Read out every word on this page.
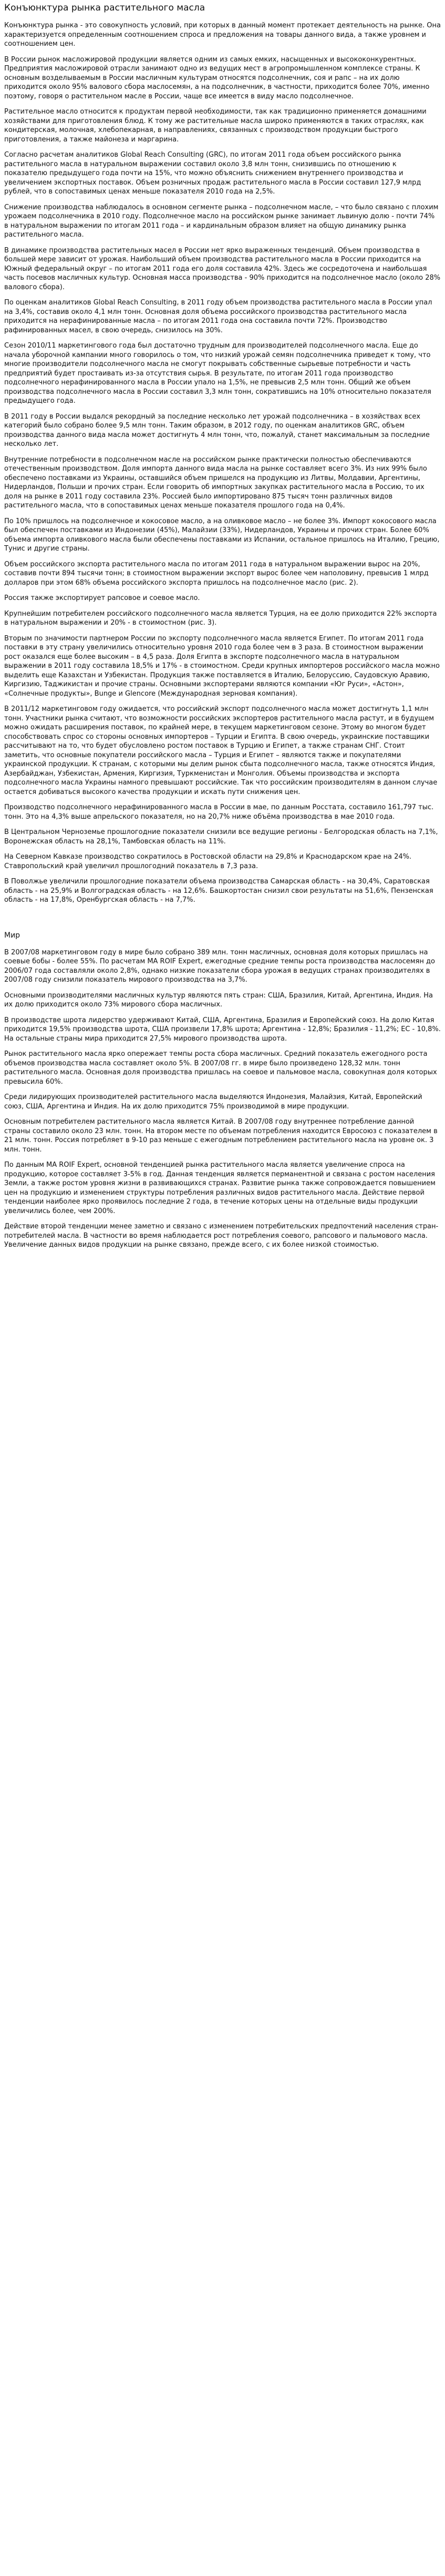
Конъюнктура рынка растительного масла

Конъюнктура рынка - это совокупность условий, при которых в данный момент протекает деятельность на рынке. Она характеризуется определенным соотношением спроса и предложения на товары данного вида, а также уровнем и соотношением цен.

В России рынок масложировой продукции является одним из самых емких, насыщенных и высококонкурентных. Предприятия масложировой отрасли занимают одно из ведущих мест в агропромышленном комплексе страны. К основным возделываемым в России масличным культурам относятся подсолнечник, соя и рапс – на их долю приходится около 95% валового сбора маслосемян, а на подсолнечник, в частности, приходится более 70%, именно поэтому, говоря о растительном масле в России, чаще все имеется в виду масло подсолнечное.

Растительное масло относится к продуктам первой необходимости, так как традиционно применяется домашними хозяйствами для приготовления блюд. К тому же растительные масла широко применяются в таких отраслях, как кондитерская, молочная, хлебопекарная, в направлениях, связанных с производством продукции быстрого приготовления, а также майонеза и маргарина.

Согласно расчетам аналитиков Global Reach Consulting (GRC), по итогам 2011 года объем российского рынка растительного масла в натуральном выражении составил около 3,8 млн тонн, снизившись по отношению к показателю предыдущего года почти на 15%, что можно объяснить снижением внутреннего производства и увеличением экспортных поставок. Объем розничных продаж растительного масла в России составил 127,9 млрд рублей, что в сопоставимых ценах меньше показателя 2010 года на 2,5%.

Снижение производства наблюдалось в основном сегменте рынка – подсолнечном масле, – что было связано с плохим урожаем подсолнечника в 2010 году. Подсолнечное масло на российском рынке занимает львиную долю - почти 74% в натуральном выражении по итогам 2011 года – и кардинальным образом влияет на общую динамику рынка растительного масла.

В динамике производства растительных масел в России нет ярко выраженных тенденций. Объем производства в большей мере зависит от урожая. Наибольший объем производства растительного масла в России приходится на Южный федеральный округ – по итогам 2011 года его доля составила 42%. Здесь же сосредоточена и наибольшая часть посевов масличных культур. Основная масса производства - 90% приходится на подсолнечное масло (около 28% валового сбора).

По оценкам аналитиков Global Reach Consulting, в 2011 году объем производства растительного масла в России упал на 3,4%, составив около 4,1 млн тонн. Основная доля объема российского производства растительного масла приходится на нерафинированные масла – по итогам 2011 года она составила почти 72%. Производство рафинированных масел, в свою очередь, снизилось на 30%.

Сезон 2010/11 маркетингового года был достаточно трудным для производителей подсолнечного масла. Еще до начала уборочной кампании много говорилось о том, что низкий урожай семян подсолнечника приведет к тому, что многие производители подсолнечного масла не смогут покрывать собственные сырьевые потребности и часть предприятий будет простаивать из-за отсутствия сырья. В результате, по итогам 2011 года производство подсолнечного нерафинированного масла в России упало на 1,5%, не превысив 2,5 млн тонн. Общий же объем производства подсолнечного масла в России составил 3,3 млн тонн, сократившись на 10% относительно показателя предыдущего года.

В 2011 году в России выдался рекордный за последние несколько лет урожай подсолнечника – в хозяйствах всех категорий было собрано более 9,5 млн тонн. Таким образом, в 2012 году, по оценкам аналитиков GRC, объем производства данного вида масла может достигнуть 4 млн тонн, что, пожалуй, станет максимальным за последние несколько лет.

Внутренние потребности в подсолнечном масле на российском рынке практически полностью обеспечиваются отечественным производством. Доля импорта данного вида масла на рынке составляет всего 3%. Из них 99% было обеспечено поставками из Украины, оставшийся объем пришелся на продукцию из Литвы, Молдавии, Аргентины, Нидерландов, Польши и прочих стран. Если говорить об импортных закупках растительного масла в Россию, то их доля на рынке в 2011 году составила 23%. Россией было импортировано 875 тысяч тонн различных видов растительного масла, что в сопоставимых ценах меньше показателя прошлого года на 0,4%.

По 10% пришлось на подсолнечное и кокосовое масло, а на оливковое масло – не более 3%. Импорт кокосового масла был обеспечен поставками из Индонезии (45%), Малайзии (33%), Нидерландов, Украины и прочих стран. Более 60% объема импорта оливкового масла были обеспечены поставками из Испании, остальное пришлось на Италию, Грецию, Тунис и другие страны.

Объем российского экспорта растительного масла по итогам 2011 года в натуральном выражении вырос на 20%, составив почти 894 тысячи тонн; в стоимостном выражении экспорт вырос более чем наполовину, превысив 1 млрд долларов при этом 68% объема российского экспорта пришлось на подсолнечное масло (рис. 2).

Россия также экспортирует рапсовое и соевое масло.

Крупнейшим потребителем российского подсолнечного масла является Турция, на ее долю приходится 22% экспорта в натуральном выражении и 20% - в стоимостном (рис. 3).

Вторым по значимости партнером России по экспорту подсолнечного масла является Египет. По итогам 2011 года поставки в эту страну увеличились относительно уровня 2010 года более чем в 3 раза. В стоимостном выражении рост оказался еще более высоким – в 4,5 раза. Доля Египта в экспорте подсолнечного масла в натуральном выражении в 2011 году составила 18,5% и 17% - в стоимостном. Среди крупных импортеров российского масла можно выделить еще Казахстан и Узбекистан. Продукция также поставляется в Италию, Белоруссию, Саудовскую Аравию, Киргизию, Таджикистан и прочие страны. Основными экспортерами являются компании «Юг Руси», «Астон», «Солнечные продукты», Bunge и Glencore (Международная зерновая компания).

В 2011/12 маркетинговом году ожидается, что российский экспорт подсолнечного масла может достигнуть 1,1 млн тонн. Участники рынка считают, что возможности российских экспортеров растительного масла растут, и в будущем можно ожидать расширения поставок, по крайней мере, в текущем маркетинговом сезоне. Этому во многом будет способствовать спрос со стороны основных импортеров – Турции и Египта. В свою очередь, украинские поставщики рассчитывают на то, что будет обусловлено ростом поставок в Турцию и Египет, а также странам СНГ. Стоит заметить, что основные покупатели российского масла – Турция и Египет – являются также и покупателями украинской продукции. К странам, с которыми мы делим рынок сбыта подсолнечного масла, также относятся Индия, Азербайджан, Узбекистан, Армения, Киргизия, Туркменистан и Монголия. Объемы производства и экспорта подсолнечного масла Украины намного превышают российские. Так что российским производителям в данном случае остается добиваться высокого качества продукции и искать пути снижения цен.

Производство подсолнечного нерафинированного масла в России в мае, по данным Росстата, составило 161,797 тыс. тонн. Это на 4,3% выше апрельского показателя, но на 20,7% ниже объёма производства в мае 2010 года.

В Центральном Черноземье прошлогодние показатели снизили все ведущие регионы - Белгородская область на 7,1%, Воронежская область на 28,1%, Тамбовская область на 11%.

На Северном Кавказе производство сократилось в Ростовской области на 29,8% и Краснодарском крае на 24%. Ставропольский край увеличил прошлогодний показатель в 7,3 раза.

В Поволжье увеличили прошлогодние показатели объема производства Самарская область - на 30,4%, Саратовская область - на 25,9% и Волгоградская область - на 12,6%. Башкортостан снизил свои результаты на 51,6%, Пензенская область - на 17,8%, Оренбургская область - на 7,7%.

Мир

В 2007/08 маркетинговом году в мире было собрано 389 млн. тонн масличных, основная доля которых пришлась на соевые бобы - более 55%. По расчетам MA ROIF Expert, ежегодные средние темпы роста производства маслосемян до 2006/07 года составляли около 2,8%, однако низкие показатели сбора урожая в ведущих странах производителях в 2007/08 году снизили показатель мирового производства на 3,7%.

Основными производителями масличных культур являются пять стран: США, Бразилия, Китай, Аргентина, Индия. На их долю приходится около 73% мирового сбора масличных.

В производстве шрота лидерство удерживают Китай, США, Аргентина, Бразилия и Европейский союз. На долю Китая приходится 19,5% производства шрота, США произвели 17,8% шрота; Аргентина - 12,8%; Бразилия - 11,2%; ЕС - 10,8%. На остальные страны мира приходится 27,5% мирового производства шрота.

Рынок растительного масла ярко опережает темпы роста сбора масличных. Средний показатель ежегодного роста объемов производства масла составляет около 5%. В 2007/08 гг. в мире было произведено 128,32 млн. тонн растительного масла. Основная доля производства пришлась на соевое и пальмовое масла, совокупная доля которых превысила 60%.

Среди лидирующих производителей растительного масла выделяются Индонезия, Малайзия, Китай, Европейский союз, США, Аргентина и Индия. На их долю приходится 75% производимой в мире продукции.

Основным потребителем растительного масла является Китай. В 2007/08 году внутреннее потребление данной страны составило около 23 млн. тонн. На втором месте по объемам потребления находится Евросоюз с показателем в 21 млн. тонн. Россия потребляет в 9-10 раз меньше с ежегодным потреблением растительного масла на уровне ок. 3 млн. тонн.

По данным MA ROIF Expert, основной тенденцией рынка растительного масла является увеличение спроса на продукцию, которое составляет 3-5% в год. Данная тенденция является перманентной и связана с ростом населения Земли, а также ростом уровня жизни в развивающихся странах. Развитие рынка также сопровождается повышением цен на продукцию и изменением структуры потребления различных видов растительного масла. Действие первой тенденции наиболее ярко проявилось последние 2 года, в течение которых цены на отдельные виды продукции увеличились более, чем 200%.

Действие второй тенденции менее заметно и связано с изменением потребительских предпочтений населения стран-потребителей масла. В частности во время наблюдается рост потребления соевого, рапсового и пальмового масла. Увеличение данных видов продукции на рынке связано, прежде всего, с их более низкой стоимостью.
